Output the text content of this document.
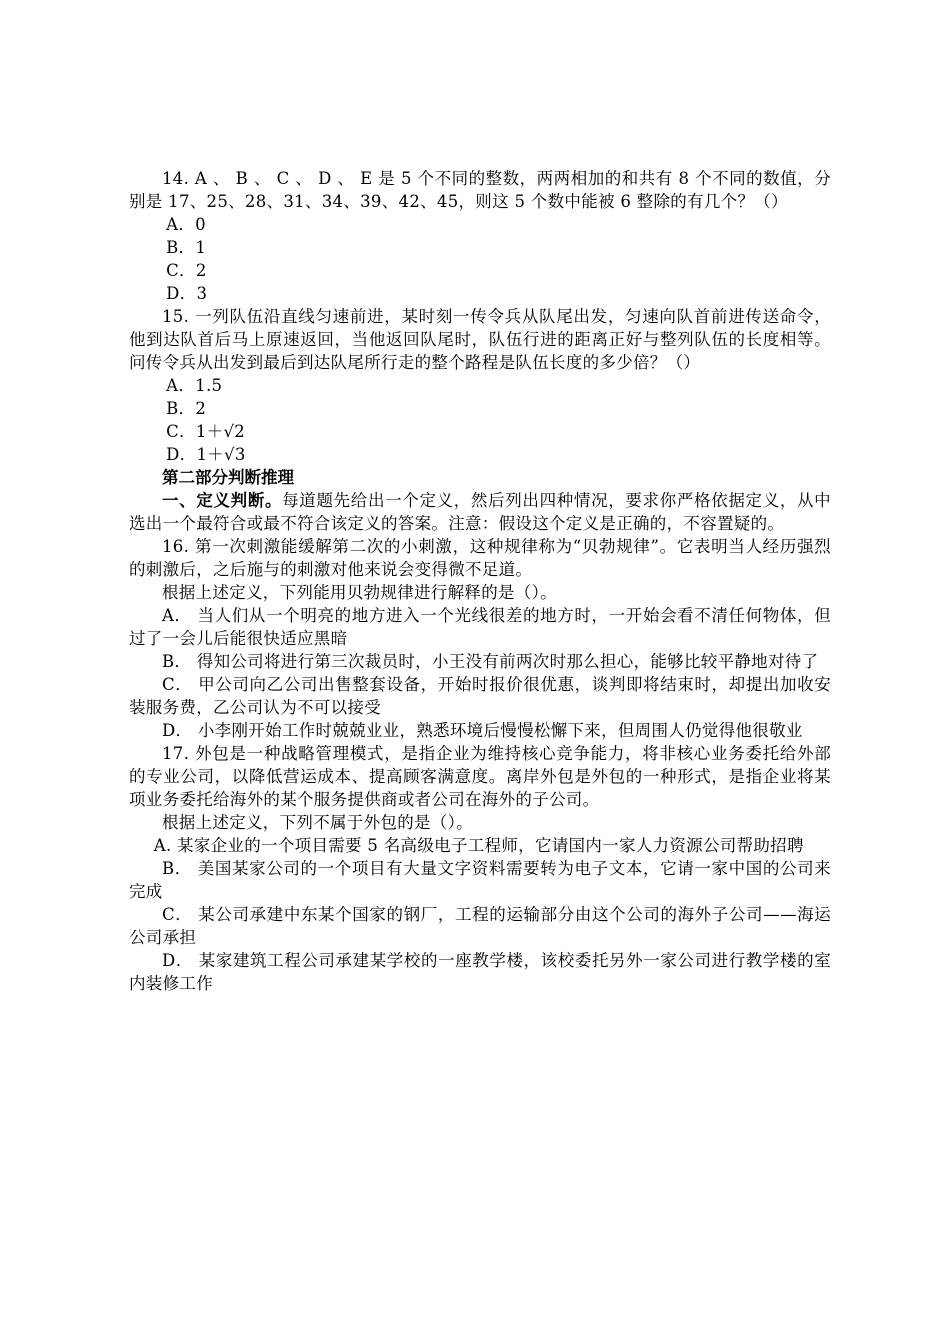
14. A 、 B 、 C 、 D 、 E 是 5 个不同的整数，两两相加的和共有 8 个不同的数值，分别是 17、25、28、31、34、39、42、45，则这 5 个数中能被 6 整除的有几个？（）

A．0

B．1

C．2

D．3

15. 一列队伍沿直线匀速前进，某时刻一传令兵从队尾出发，匀速向队首前进传送命令，他到达队首后马上原速返回，当他返回队尾时，队伍行进的距离正好与整列队伍的长度相等。问传令兵从出发到最后到达队尾所行走的整个路程是队伍长度的多少倍？（）

A．1.5

B．2

C．1＋√2

D．1＋√3

第二部分判断推理

一、定义判断。每道题先给出一个定义，然后列出四种情况，要求你严格依据定义，从中选出一个最符合或最不符合该定义的答案。注意：假设这个定义是正确的，不容置疑的。

16. 第一次刺激能缓解第二次的小刺激，这种规律称为“贝勃规律”。它表明当人经历强烈的刺激后，之后施与的刺激对他来说会变得微不足道。

根据上述定义，下列能用贝勃规律进行解释的是（）。

A． 当人们从一个明亮的地方进入一个光线很差的地方时，一开始会看不清任何物体，但过了一会儿后能很快适应黑暗

B． 得知公司将进行第三次裁员时，小王没有前两次时那么担心，能够比较平静地对待了

C． 甲公司向乙公司出售整套设备，开始时报价很优惠，谈判即将结束时，却提出加收安装服务费，乙公司认为不可以接受

D． 小李刚开始工作时兢兢业业，熟悉环境后慢慢松懈下来，但周围人仍觉得他很敬业

17. 外包是一种战略管理模式，是指企业为维持核心竞争能力，将非核心业务委托给外部的专业公司，以降低营运成本、提高顾客满意度。离岸外包是外包的一种形式，是指企业将某项业务委托给海外的某个服务提供商或者公司在海外的子公司。

根据上述定义，下列不属于外包的是（）。

A. 某家企业的一个项目需要 5 名高级电子工程师，它请国内一家人力资源公司帮助招聘

B． 美国某家公司的一个项目有大量文字资料需要转为电子文本，它请一家中国的公司来完成

C． 某公司承建中东某个国家的钢厂，工程的运输部分由这个公司的海外子公司——海运公司承担

D． 某家建筑工程公司承建某学校的一座教学楼，该校委托另外一家公司进行教学楼的室内装修工作
